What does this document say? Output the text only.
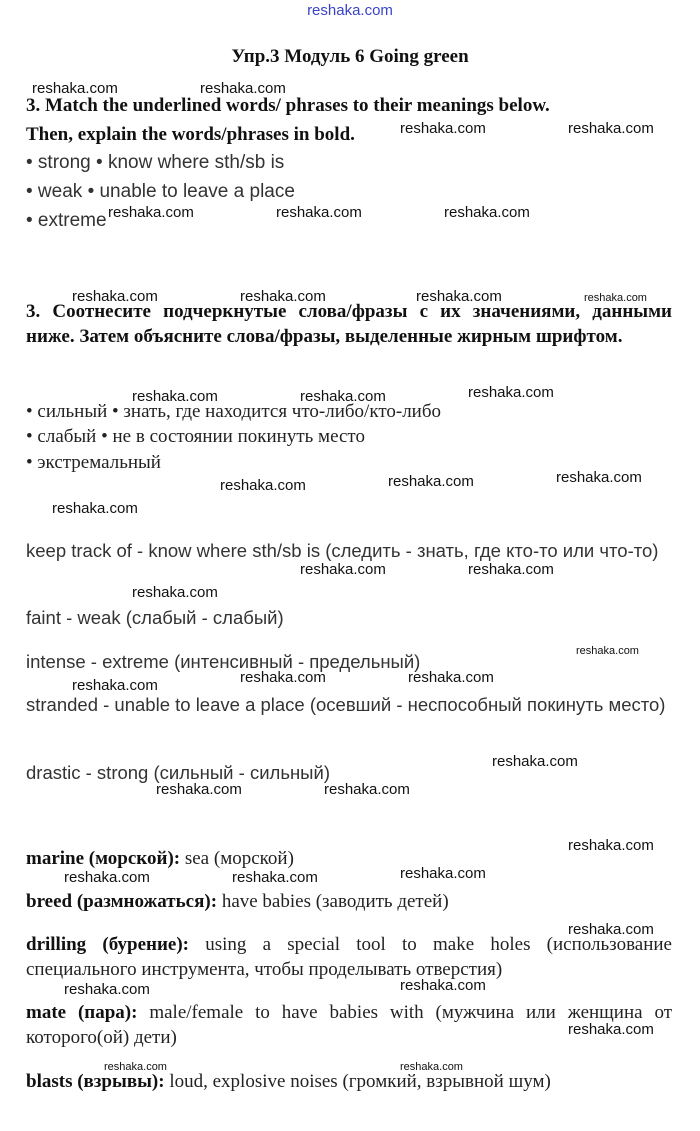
reshaka.com
Упр.3 Модуль 6 Going green
3. Match the underlined words/ phrases to their meanings below.
Then, explain the words/phrases in bold.
• strong • know where sth/sb is
• weak • unable to leave a place
• extreme
3. Соотнесите подчеркнутые слова/фразы с их значениями, данными ниже. Затем объясните слова/фразы, выделенные жирным шрифтом.
• сильный • знать, где находится что-либо/кто-либо
• слабый • не в состоянии покинуть место
• экстремальный
keep track of - know where sth/sb is (следить - знать, где кто-то или что-то)
faint - weak (слабый - слабый)
intense - extreme (интенсивный - предельный)
stranded - unable to leave a place (осевший - неспособный покинуть место)
drastic - strong (сильный - сильный)
marine (морской): sea (морской)
breed (размножаться): have babies (заводить детей)
drilling (бурение): using a special tool to make holes (использование специального инструмента, чтобы проделывать отверстия)
mate (пара): male/female to have babies with (мужчина или женщина от которого(ой) дети)
blasts (взрывы): loud, explosive noises (громкий, взрывной шум)
reshaka.com	reshaka.com
reshaka.com	reshaka.com
reshaka.com	reshaka.com	reshaka.com
reshaka.com	reshaka.com	reshaka.com	reshaka.com
reshaka.com	reshaka.com	reshaka.com
reshaka.com	reshaka.com	reshaka.com
reshaka.com
reshaka.com	reshaka.com
reshaka.com
reshaka.com
reshaka.com	reshaka.com
reshaka.com
reshaka.com
reshaka.com	reshaka.com
reshaka.com
reshaka.com
reshaka.com	reshaka.com
reshaka.com
reshaka.com
reshaka.com
reshaka.com
reshaka.com	reshaka.com
